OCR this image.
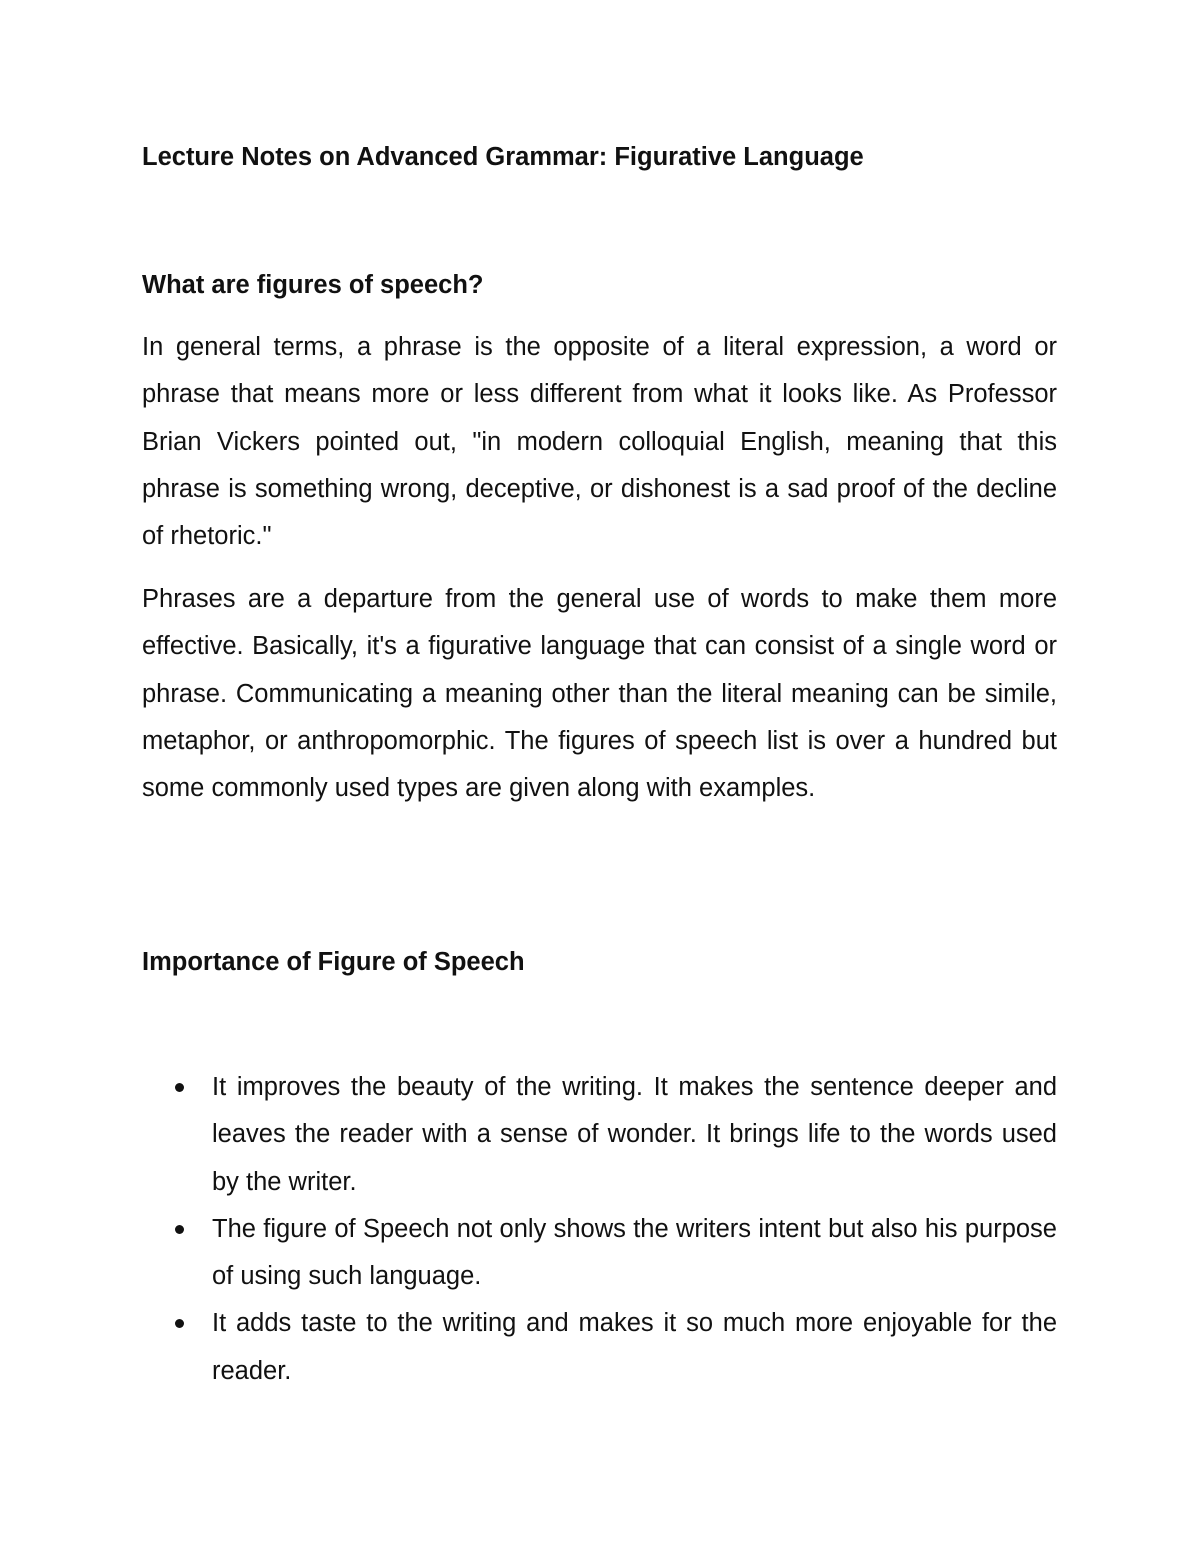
Lecture Notes on Advanced Grammar: Figurative Language
What are figures of speech?

In general terms, a phrase is the opposite of a literal expression, a word or phrase that means more or less different from what it looks like. As Professor Brian Vickers pointed out, "in modern colloquial English, meaning that this phrase is something wrong, deceptive, or dishonest is a sad proof of the decline of rhetoric."

Phrases are a departure from the general use of words to make them more effective. Basically, it's a figurative language that can consist of a single word or phrase. Communicating a meaning other than the literal meaning can be simile, metaphor, or anthropomorphic. The figures of speech list is over a hundred but some commonly used types are given along with examples.

Importance of Figure of Speech
It improves the beauty of the writing. It makes the sentence deeper and leaves the reader with a sense of wonder. It brings life to the words used by the writer.
The figure of Speech not only shows the writers intent but also his purpose of using such language.
It adds taste to the writing and makes it so much more enjoyable for the reader.
